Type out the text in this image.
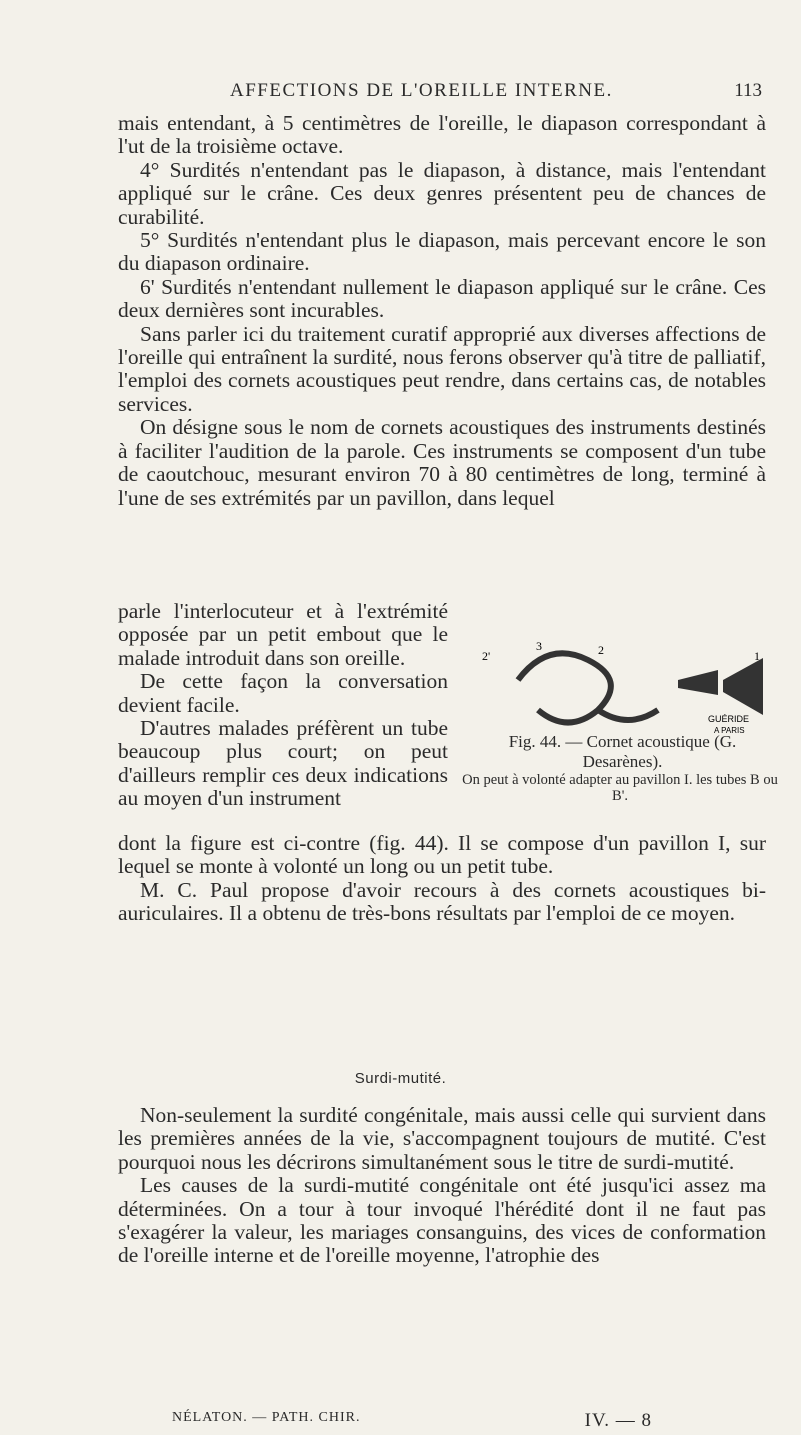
AFFECTIONS DE L'OREILLE INTERNE.	113

mais entendant, à 5 centimètres de l'oreille, le diapason correspondant à l'ut de la troisième octave.

4° Surdités n'entendant pas le diapason, à distance, mais l'entendant appliqué sur le crâne. Ces deux genres présentent peu de chances de curabilité.

5° Surdités n'entendant plus le diapason, mais percevant encore le son du diapason ordinaire.

6' Surdités n'entendant nullement le diapason appliqué sur le crâne. Ces deux dernières sont incurables.

Sans parler ici du traitement curatif approprié aux diverses affections de l'oreille qui entraînent la surdité, nous ferons observer qu'à titre de palliatif, l'emploi des cornets acoustiques peut rendre, dans certains cas, de notables services.

On désigne sous le nom de cornets acoustiques des instruments destinés à faciliter l'audition de la parole. Ces instruments se composent d'un tube de caoutchouc, mesurant environ 70 à 80 centimètres de long, terminé à l'une de ses extrémités par un pavillon, dans lequel

parle l'interlocuteur et à l'extrémité opposée par un petit embout que le malade introduit dans son oreille.

De cette façon la conversation devient facile.

D'autres malades préfèrent un tube beaucoup plus court; on peut d'ailleurs remplir ces deux indications au moyen d'un instrument

2'
3	2	1
GUÉRIDE
A PARIS
Fig. 44. — Cornet acoustique (G. Desarènes).
On peut à volonté adapter au pavillon I. les tubes B ou B'.

dont la figure est ci-contre (fig. 44). Il se compose d'un pavillon I, sur lequel se monte à volonté un long ou un petit tube.

M. C. Paul propose d'avoir recours à des cornets acoustiques bi-auriculaires. Il a obtenu de très-bons résultats par l'emploi de ce moyen.

Surdi-mutité.

Non-seulement la surdité congénitale, mais aussi celle qui survient dans les premières années de la vie, s'accompagnent toujours de mutité. C'est pourquoi nous les décrirons simultanément sous le titre de surdi-mutité.

Les causes de la surdi-mutité congénitale ont été jusqu'ici assez ma déterminées. On a tour à tour invoqué l'hérédité dont il ne faut pas s'exagérer la valeur, les mariages consanguins, des vices de conformation de l'oreille interne et de l'oreille moyenne, l'atrophie des

NÉLATON. — PATH. CHIR.	IV. — 8
